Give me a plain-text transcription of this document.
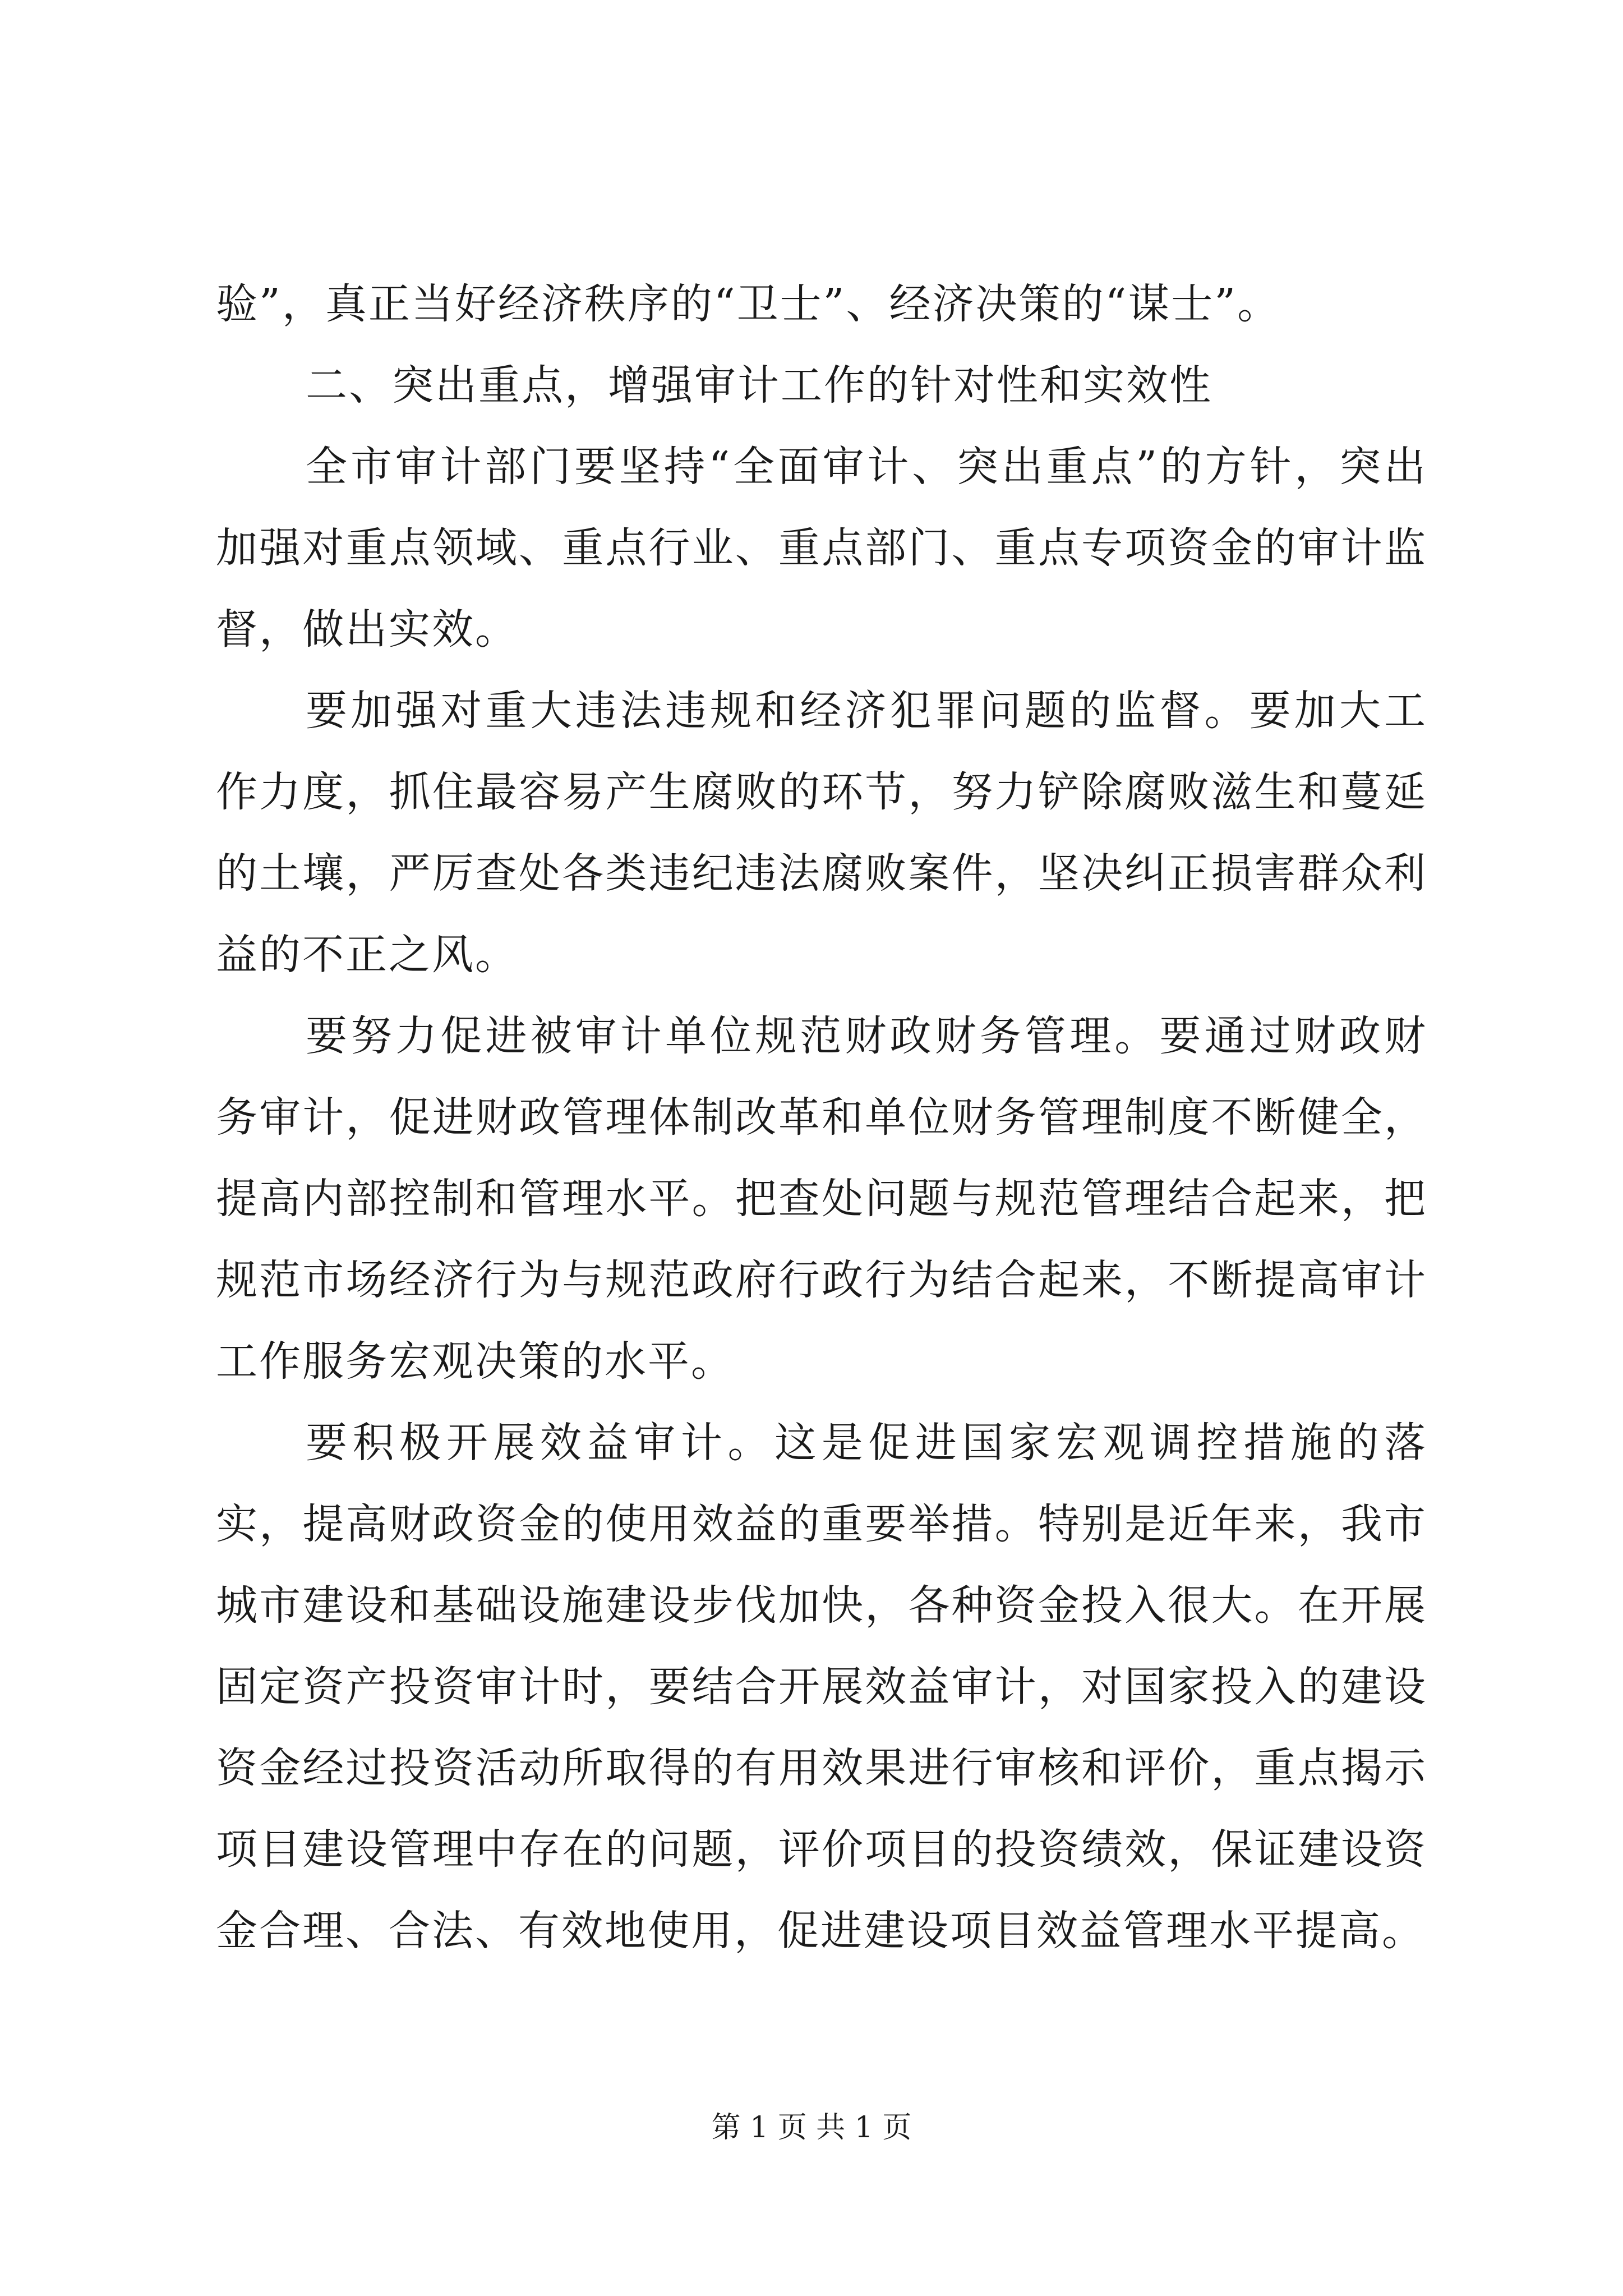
验”，真正当好经济秩序的“卫士”、经济决策的“谋士”。

二、突出重点，增强审计工作的针对性和实效性

全市审计部门要坚持“全面审计、突出重点”的方针，突出加强对重点领域、重点行业、重点部门、重点专项资金的审计监督，做出实效。

要加强对重大违法违规和经济犯罪问题的监督。要加大工作力度，抓住最容易产生腐败的环节，努力铲除腐败滋生和蔓延的土壤，严厉查处各类违纪违法腐败案件，坚决纠正损害群众利益的不正之风。

要努力促进被审计单位规范财政财务管理。要通过财政财务审计，促进财政管理体制改革和单位财务管理制度不断健全，提高内部控制和管理水平。把查处问题与规范管理结合起来，把规范市场经济行为与规范政府行政行为结合起来，不断提高审计工作服务宏观决策的水平。

要积极开展效益审计。这是促进国家宏观调控措施的落实，提高财政资金的使用效益的重要举措。特别是近年来，我市城市建设和基础设施建设步伐加快，各种资金投入很大。在开展固定资产投资审计时，要结合开展效益审计，对国家投入的建设资金经过投资活动所取得的有用效果进行审核和评价，重点揭示项目建设管理中存在的问题，评价项目的投资绩效，保证建设资金合理、合法、有效地使用，促进建设项目效益管理水平提高。

第 1 页 共 1 页
